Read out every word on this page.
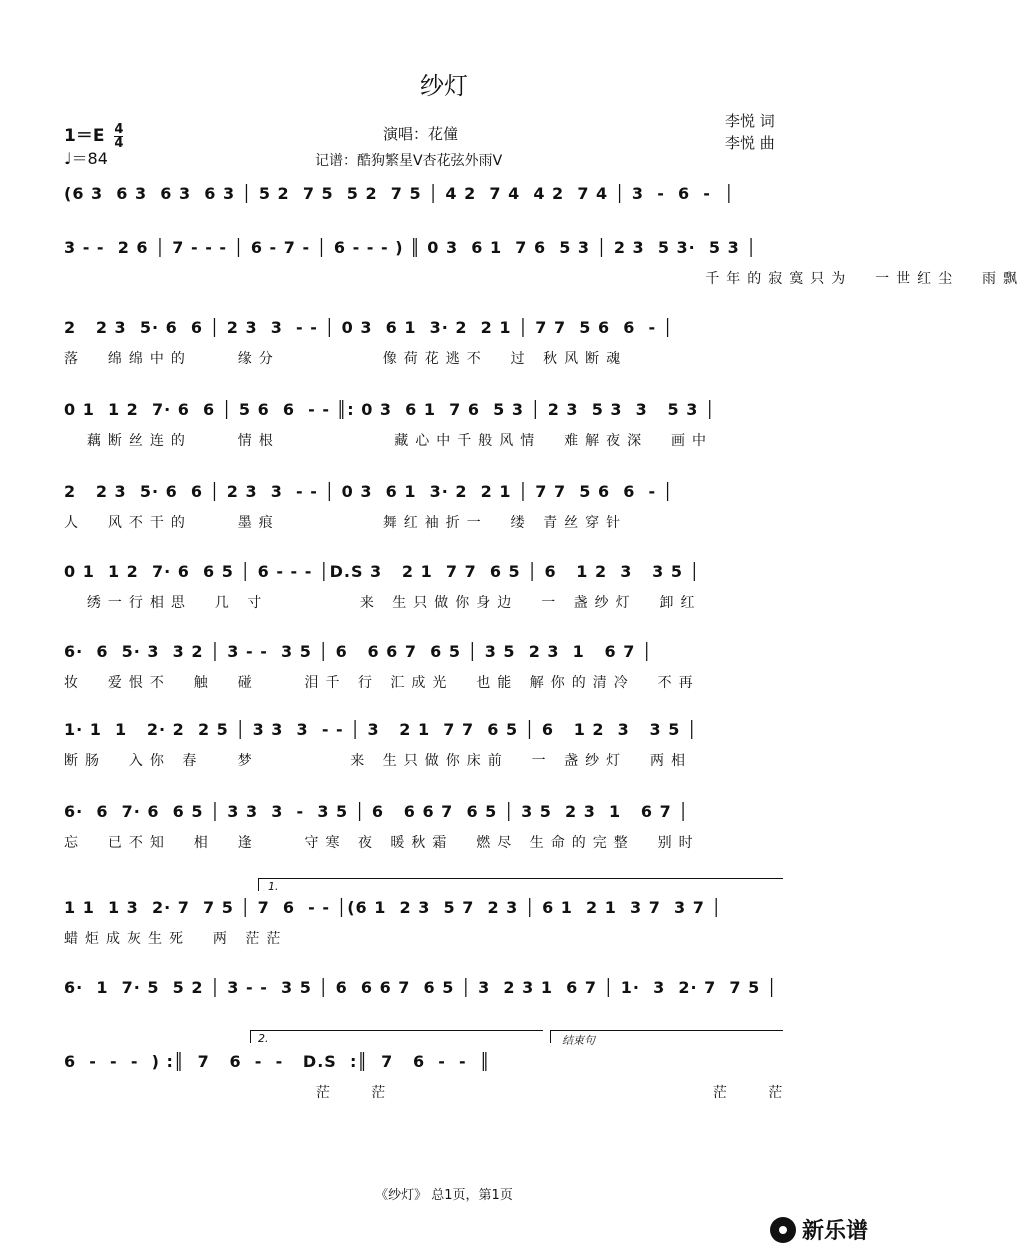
纱灯
$1=E \frac{4}{4}$
♩＝84
演唱：花僮
记谱：酷狗繁星V杏花弦外雨V
李悦 词
李悦 曲
(6 3  6 3  6 3  6 3 │ 5 2  7 5  5 2  7 5 │ 4 2  7 4  4 2  7 4 │ 3  -  6  -  │
3 - -  2 6 │ 7 - - - │ 6 - 7 - │ 6 - - - ) ║ 0 3  6 1  7 6  5 3 │ 2 3  5 3·  5 3 │
千年的寂寞只为  一世红尘  雨飘
2   2 3  5· 6  6 │ 2 3  3  - - │ 0 3  6 1  3· 2  2 1 │ 7 7  5 6  6  - │
落  绵绵中的    缘分         像荷花逃不  过 秋风断魂
0 1  1 2  7· 6  6 │ 5 6  6  - - ║: 0 3  6 1  7 6  5 3 │ 2 3  5 3  3   5 3 │
藕断丝连的    情根          藏心中千般风情  难解夜深  画中
2   2 3  5· 6  6 │ 2 3  3  - - │ 0 3  6 1  3· 2  2 1 │ 7 7  5 6  6  - │
人  风不干的    墨痕         舞红袖折一  缕 青丝穿针
0 1  1 2  7· 6  6 5 │ 6 - - - │D.S 3   2 1  7 7  6 5 │ 6   1 2  3   3 5 │
绣一行相思  几 寸        来 生只做你身边  一 盏纱灯  卸红
6·  6  5· 3  3 2 │ 3 - -  3 5 │ 6   6 6 7  6 5 │ 3 5  2 3  1   6 7 │
妆  爱恨不  触  碰    泪千 行 汇成光  也能 解你的清冷  不再
1· 1  1   2· 2  2 5 │ 3 3  3  - - │ 3   2 1  7 7  6 5 │ 6   1 2  3   3 5 │
断肠  入你 春   梦        来 生只做你床前  一 盏纱灯  两相
6·  6  7· 6  6 5 │ 3 3  3  -  3 5 │ 6   6 6 7  6 5 │ 3 5  2 3  1   6 7 │
忘  已不知  相  逢    守寒 夜 暖秋霜  燃尽 生命的完整  别时
1 1  1 3  2· 7  7 5 │ 7  6  - - │(6 1  2 3  5 7  2 3 │ 6 1  2 1  3 7  3 7 │
蜡炬成灰生死  两 茫茫
6·  1  7· 5  5 2 │ 3 - -  3 5 │ 6  6 6 7  6 5 │ 3  2 3 1  6 7 │ 1·  3  2· 7  7 5 │
6  -  -  -  ) :║  7   6  -  -   D.S  :║  7   6  -  -  ║
茫   茫                            茫   茫
1.
2.	结束句
《纱灯》 总1页，第1页
新乐谱
